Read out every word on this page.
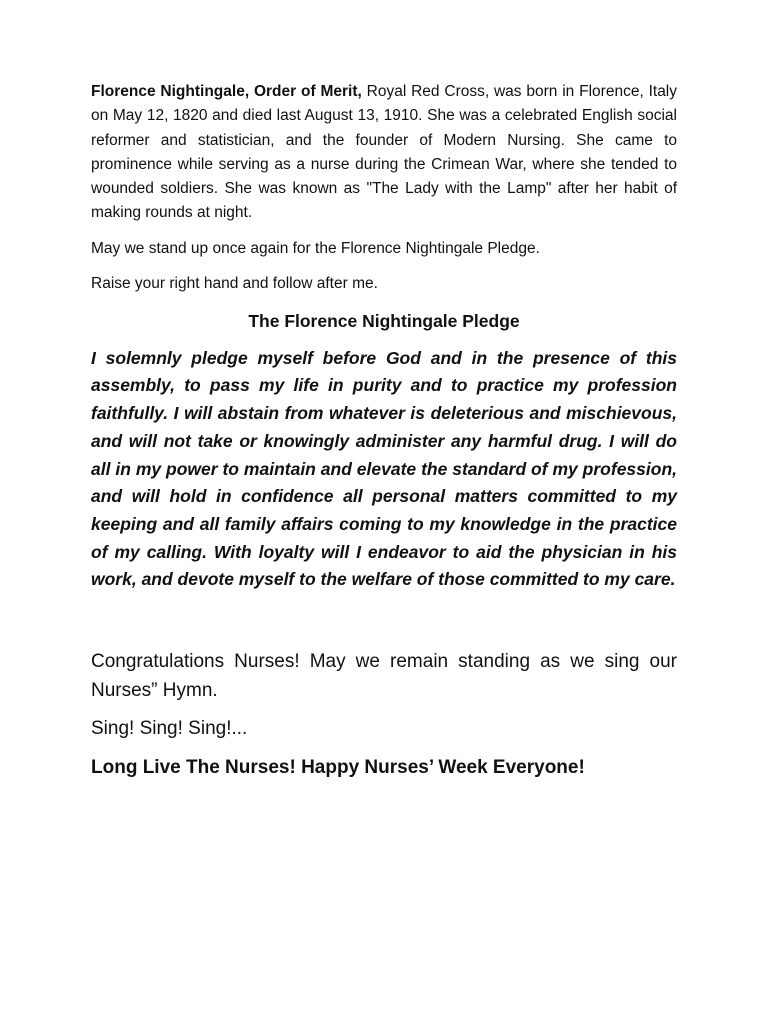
Florence Nightingale, Order of Merit, Royal Red Cross, was born in Florence, Italy on May 12, 1820 and died last August 13, 1910. She was a celebrated English social reformer and statistician, and the founder of Modern Nursing. She came to prominence while serving as a nurse during the Crimean War, where she tended to wounded soldiers. She was known as "The Lady with the Lamp" after her habit of making rounds at night.

May we stand up once again for the Florence Nightingale Pledge.

Raise your right hand and follow after me.

The Florence Nightingale Pledge

I solemnly pledge myself before God and in the presence of this assembly, to pass my life in purity and to practice my profession faithfully. I will abstain from whatever is deleterious and mischievous, and will not take or knowingly administer any harmful drug. I will do all in my power to maintain and elevate the standard of my profession, and will hold in confidence all personal matters committed to my keeping and all family affairs coming to my knowledge in the practice of my calling. With loyalty will I endeavor to aid the physician in his work, and devote myself to the welfare of those committed to my care.

Congratulations Nurses! May we remain standing as we sing our Nurses” Hymn.

Sing! Sing! Sing!...

Long Live The Nurses! Happy Nurses’ Week Everyone!
